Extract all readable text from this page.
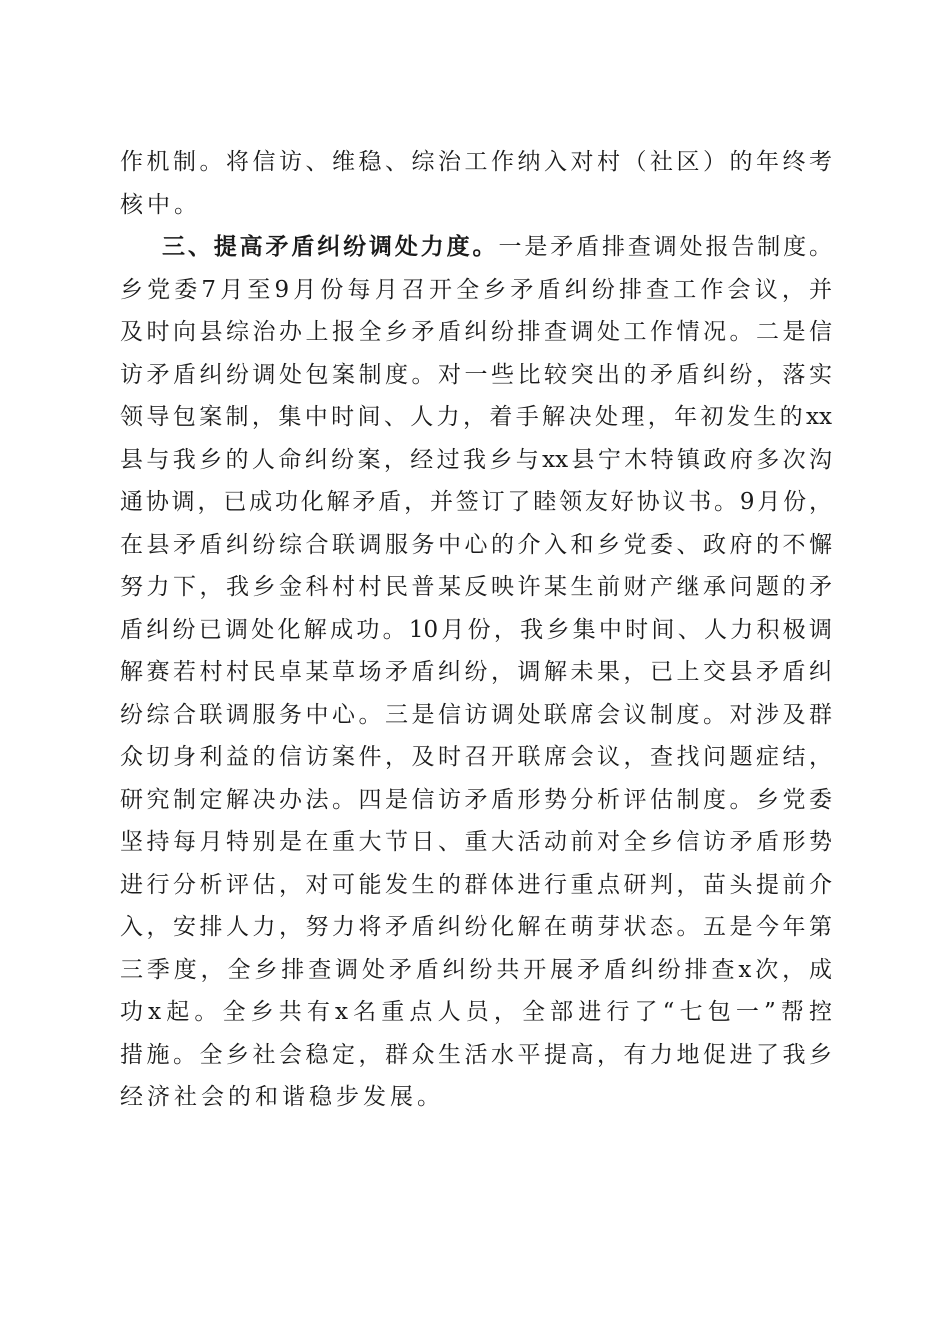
作机制。将信访、维稳、综治工作纳入对村（社区）的年终考
核中。
三、提高矛盾纠纷调处力度。一是矛盾排查调处报告制度。
乡党委7月至9月份每月召开全乡矛盾纠纷排查工作会议，并
及时向县综治办上报全乡矛盾纠纷排查调处工作情况。二是信
访矛盾纠纷调处包案制度。对一些比较突出的矛盾纠纷，落实
领导包案制，集中时间、人力，着手解决处理，年初发生的xx
县与我乡的人命纠纷案，经过我乡与xx县宁木特镇政府多次沟
通协调，已成功化解矛盾，并签订了睦领友好协议书。9月份，
在县矛盾纠纷综合联调服务中心的介入和乡党委、政府的不懈
努力下，我乡金科村村民普某反映许某生前财产继承问题的矛
盾纠纷已调处化解成功。10月份，我乡集中时间、人力积极调
解赛若村村民卓某草场矛盾纠纷，调解未果，已上交县矛盾纠
纷综合联调服务中心。三是信访调处联席会议制度。对涉及群
众切身利益的信访案件，及时召开联席会议，查找问题症结，
研究制定解决办法。四是信访矛盾形势分析评估制度。乡党委
坚持每月特别是在重大节日、重大活动前对全乡信访矛盾形势
进行分析评估，对可能发生的群体进行重点研判，苗头提前介
入，安排人力，努力将矛盾纠纷化解在萌芽状态。五是今年第
三季度，全乡排查调处矛盾纠纷共开展矛盾纠纷排查x次，成
功x起。全乡共有x名重点人员，全部进行了“七包一”帮控
措施。全乡社会稳定，群众生活水平提高，有力地促进了我乡
经济社会的和谐稳步发展。
